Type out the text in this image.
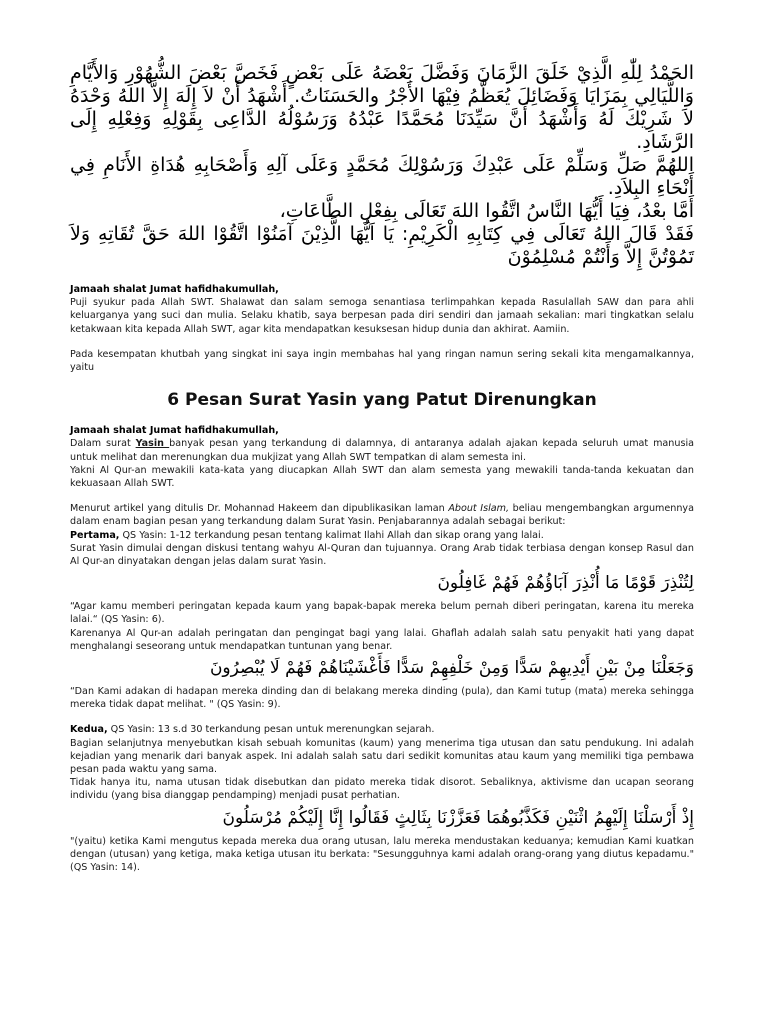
الحَمْدُ لِلّٰهِ الَّذِيْ خَلَقَ الزَّمَانَ وَفَضَّلَ بَعْضَهُ عَلَى بَعْضٍ فَخَصَّ بَعْضَ الشُّهُوْرِ وَالأَيَّامِ وَاللَّيَالِي بِمَزَايَا وَفَضَائِلَ يُعَظَّمُ فِيْهَا الأَجْرُ والحَسَنَاتُ. أَشْهَدُ أَنْ لاَ إِلَهَ إِلاَّ اللهُ وَحْدَهُ لاَ شَرِيْكَ لَهُ وَأَشْهَدُ أَنَّ سَيِّدَنَا مُحَمَّدًا عَبْدُهُ وَرَسُوْلُهُ الدَّاعِى بِقَوْلِهِ وَفِعْلِهِ إِلَى الرَّشَادِ.

اللهُمَّ صَلِّ وَسَلِّمْ عَلَى عَبْدِكَ وَرَسُوْلِكَ مُحَمَّدٍ وَعَلَى آلِهِ وَأَصْحَابِهِ هُدَاةِ الأَنَامِ فِي أَنْحَاءِ البِلاَدِ.

أَمَّا بعْدُ، فِيَا أَيُّهَا النَّاسُ اتَّقُوا اللهَ تَعَالَى بِفِعْلِ الطَّاعَاتِ،

فَقَدْ قَالَ اللهُ تَعَالَى فِي كِتَابِهِ الْكَرِيْمِ: يَا اَيُّهَا الَّذِيْنَ آمَنُوْا اتَّقُوْا اللهَ حَقَّ تُقَاتِهِ وَلاَ تَمُوْتُنَّ إِلاَّ وَأَنْتُمْ مُسْلِمُوْنَ

Jamaah shalat Jumat hafidhakumullah,

Puji syukur pada Allah SWT. Shalawat dan salam semoga senantiasa terlimpahkan kepada Rasulallah SAW dan para ahli keluarganya yang suci dan mulia. Selaku khatib, saya berpesan pada diri sendiri dan jamaah sekalian: mari tingkatkan selalu ketakwaan kita kepada Allah SWT, agar kita mendapatkan kesuksesan hidup dunia dan akhirat. Aamiin.

Pada kesempatan khutbah yang singkat ini saya ingin membahas hal yang ringan namun sering sekali kita mengamalkannya, yaitu

6 Pesan Surat Yasin yang Patut Direnungkan

Jamaah shalat Jumat hafidhakumullah,

Dalam surat Yasin banyak pesan yang terkandung di dalamnya, di antaranya adalah ajakan kepada seluruh umat manusia untuk melihat dan merenungkan dua mukjizat yang Allah SWT tempatkan di alam semesta ini.

Yakni Al Qur-an mewakili kata-kata yang diucapkan Allah SWT dan alam semesta yang mewakili tanda-tanda kekuatan dan kekuasaan Allah SWT.

Menurut artikel yang ditulis Dr. Mohannad Hakeem dan dipublikasikan laman About Islam, beliau mengembangkan argumennya dalam enam bagian pesan yang terkandung dalam Surat Yasin. Penjabarannya adalah sebagai berikut:

Pertama, QS Yasin: 1-12 terkandung pesan tentang kalimat Ilahi Allah dan sikap orang yang lalai.

Surat Yasin dimulai dengan diskusi tentang wahyu Al-Quran dan tujuannya. Orang Arab tidak terbiasa dengan konsep Rasul dan Al Qur-an dinyatakan dengan jelas dalam surat Yasin.

لِتُنْذِرَ قَوْمًا مَا أُنْذِرَ آبَاؤُهُمْ فَهُمْ غَافِلُونَ

“Agar kamu memberi peringatan kepada kaum yang bapak-bapak mereka belum pernah diberi peringatan, karena itu mereka lalai.“ (QS Yasin: 6).

Karenanya Al Qur-an adalah peringatan dan pengingat bagi yang lalai. Ghaflah adalah salah satu penyakit hati yang dapat menghalangi seseorang untuk mendapatkan tuntunan yang benar.

وَجَعَلْنَا مِنْ بَيْنِ أَيْدِيهِمْ سَدًّا وَمِنْ خَلْفِهِمْ سَدًّا فَأَغْشَيْنَاهُمْ فَهُمْ لَا يُبْصِرُونَ

“Dan Kami adakan di hadapan mereka dinding dan di belakang mereka dinding (pula), dan Kami tutup (mata) mereka sehingga mereka tidak dapat melihat. " (QS Yasin: 9).

Kedua, QS Yasin: 13 s.d 30 terkandung pesan untuk merenungkan sejarah.

Bagian selanjutnya menyebutkan kisah sebuah komunitas (kaum) yang menerima tiga utusan dan satu pendukung. Ini adalah kejadian yang menarik dari banyak aspek. Ini adalah salah satu dari sedikit komunitas atau kaum yang memiliki tiga pembawa pesan pada waktu yang sama.

Tidak hanya itu, nama utusan tidak disebutkan dan pidato mereka tidak disorot. Sebaliknya, aktivisme dan ucapan seorang individu (yang bisa dianggap pendamping) menjadi pusat perhatian.

إِذْ أَرْسَلْنَا إِلَيْهِمُ اثْنَيْنِ فَكَذَّبُوهُمَا فَعَزَّزْنَا بِثَالِثٍ فَقَالُوا إِنَّا إِلَيْكُمْ مُرْسَلُونَ

"(yaitu) ketika Kami mengutus kepada mereka dua orang utusan, lalu mereka mendustakan keduanya; kemudian Kami kuatkan dengan (utusan) yang ketiga, maka ketiga utusan itu berkata: "Sesungguhnya kami adalah orang-orang yang diutus kepadamu." (QS Yasin: 14).
